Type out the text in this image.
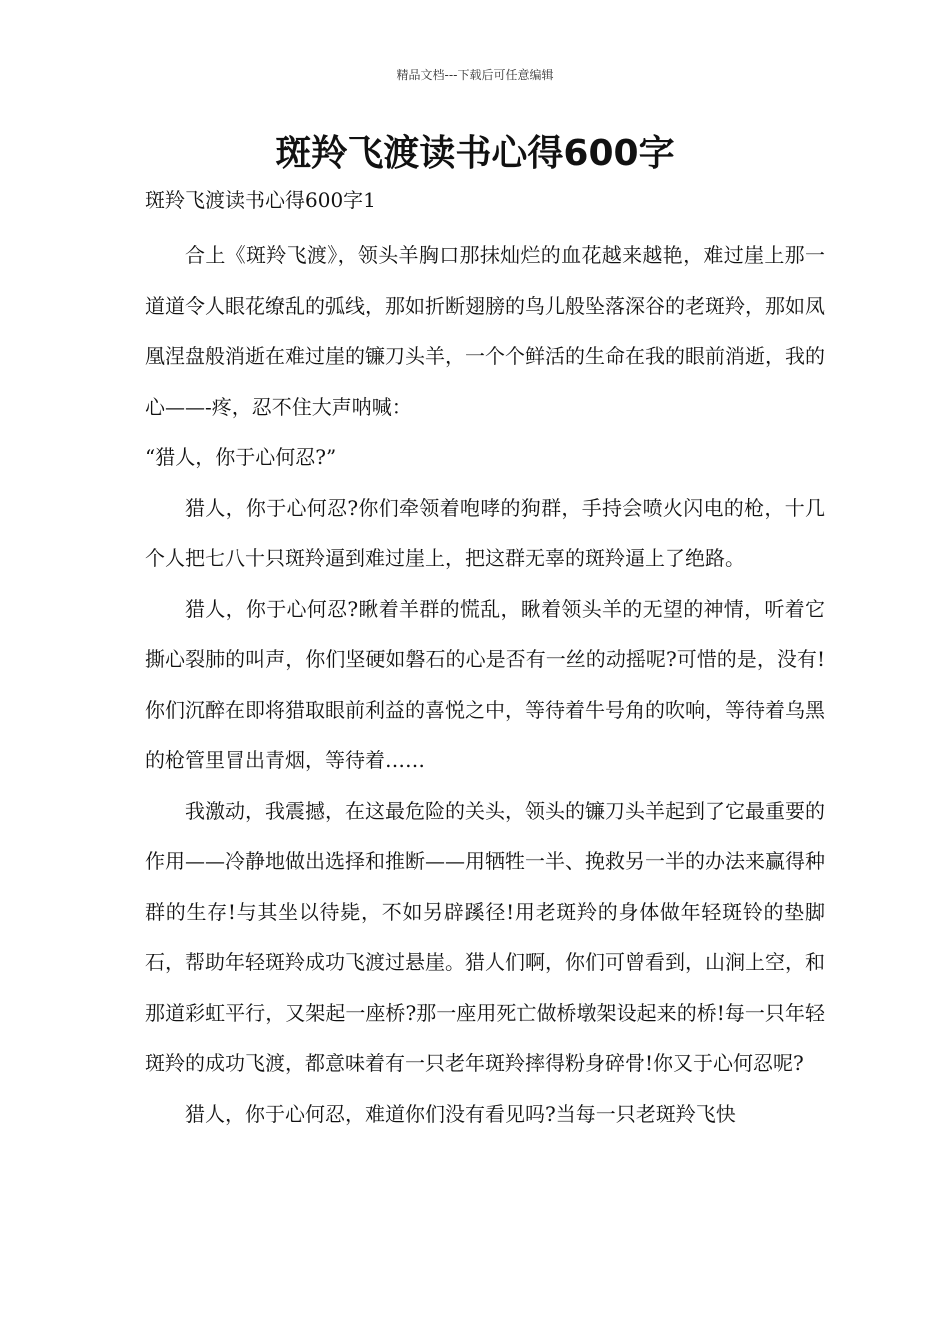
精品文档---下载后可任意编辑
斑羚飞渡读书心得600字
斑羚飞渡读书心得600字1

合上《斑羚飞渡》，领头羊胸口那抹灿烂的血花越来越艳，难过崖上那一道道令人眼花缭乱的弧线，那如折断翅膀的鸟儿般坠落深谷的老斑羚，那如凤凰涅盘般消逝在难过崖的镰刀头羊，一个个鲜活的生命在我的眼前消逝，我的心——-疼，忍不住大声呐喊：

“猎人，你于心何忍?”

猎人，你于心何忍?你们牵领着咆哮的狗群，手持会喷火闪电的枪，十几个人把七八十只斑羚逼到难过崖上，把这群无辜的斑羚逼上了绝路。

猎人，你于心何忍?瞅着羊群的慌乱，瞅着领头羊的无望的神情，听着它撕心裂肺的叫声，你们坚硬如磐石的心是否有一丝的动摇呢?可惜的是，没有!你们沉醉在即将猎取眼前利益的喜悦之中，等待着牛号角的吹响，等待着乌黑的枪管里冒出青烟，等待着……

我激动，我震撼，在这最危险的关头，领头的镰刀头羊起到了它最重要的作用——冷静地做出选择和推断——用牺牲一半、挽救另一半的办法来赢得种群的生存!与其坐以待毙，不如另辟蹊径!用老斑羚的身体做年轻斑铃的垫脚石，帮助年轻斑羚成功飞渡过悬崖。猎人们啊，你们可曾看到，山涧上空，和那道彩虹平行，又架起一座桥?那一座用死亡做桥墩架设起来的桥!每一只年轻斑羚的成功飞渡，都意味着有一只老年斑羚摔得粉身碎骨!你又于心何忍呢?

猎人，你于心何忍，难道你们没有看见吗?当每一只老斑羚飞快
